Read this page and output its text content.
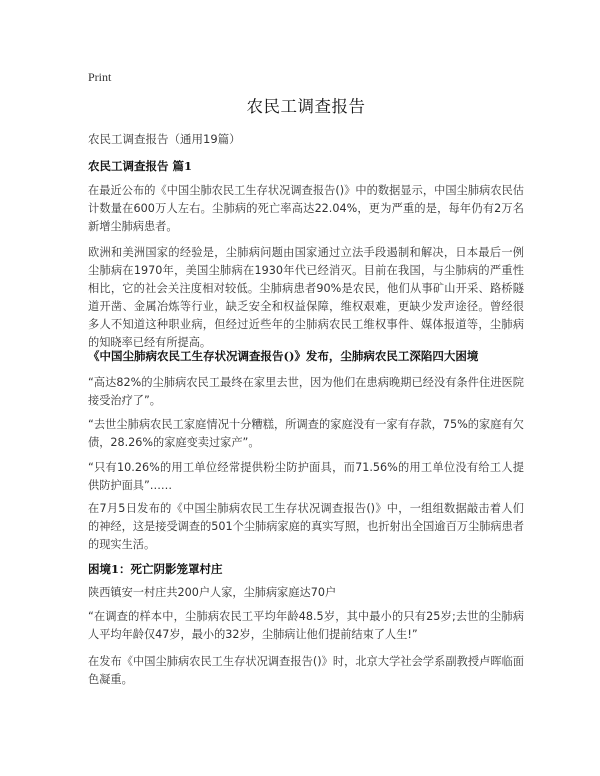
Print
农民工调查报告
农民工调查报告（通用19篇）
农民工调查报告 篇1

在最近公布的《中国尘肺农民工生存状况调查报告()》中的数据显示，中国尘肺病农民估计数量在600万人左右。尘肺病的死亡率高达22.04%，更为严重的是，每年仍有2万名新增尘肺病患者。

欧洲和美洲国家的经验是，尘肺病问题由国家通过立法手段遏制和解决，日本最后一例尘肺病在1970年，美国尘肺病在1930年代已经消灭。目前在我国，与尘肺病的严重性相比，它的社会关注度相对较低。尘肺病患者90%是农民，他们从事矿山开采、路桥隧道开凿、金属冶炼等行业，缺乏安全和权益保障，维权艰难，更缺少发声途径。曾经很多人不知道这种职业病，但经过近些年的尘肺病农民工维权事件、媒体报道等，尘肺病的知晓率已经有所提高。

《中国尘肺病农民工生存状况调查报告()》发布，尘肺病农民工深陷四大困境

“高达82%的尘肺病农民工最终在家里去世，因为他们在患病晚期已经没有条件住进医院接受治疗了”。

“去世尘肺病农民工家庭情况十分糟糕，所调查的家庭没有一家有存款，75%的家庭有欠债，28.26%的家庭变卖过家产”。

“只有10.26%的用工单位经常提供粉尘防护面具，而71.56%的用工单位没有给工人提供防护面具”……

在7月5日发布的《中国尘肺病农民工生存状况调查报告()》中，一组组数据敲击着人们的神经，这是接受调查的501个尘肺病家庭的真实写照，也折射出全国逾百万尘肺病患者的现实生活。

困境1：死亡阴影笼罩村庄

陕西镇安一村庄共200户人家，尘肺病家庭达70户

“在调查的样本中，尘肺病农民工平均年龄48.5岁，其中最小的只有25岁;去世的尘肺病人平均年龄仅47岁，最小的32岁，尘肺病让他们提前结束了人生!”

在发布《中国尘肺病农民工生存状况调查报告()》时，北京大学社会学系副教授卢晖临面色凝重。
